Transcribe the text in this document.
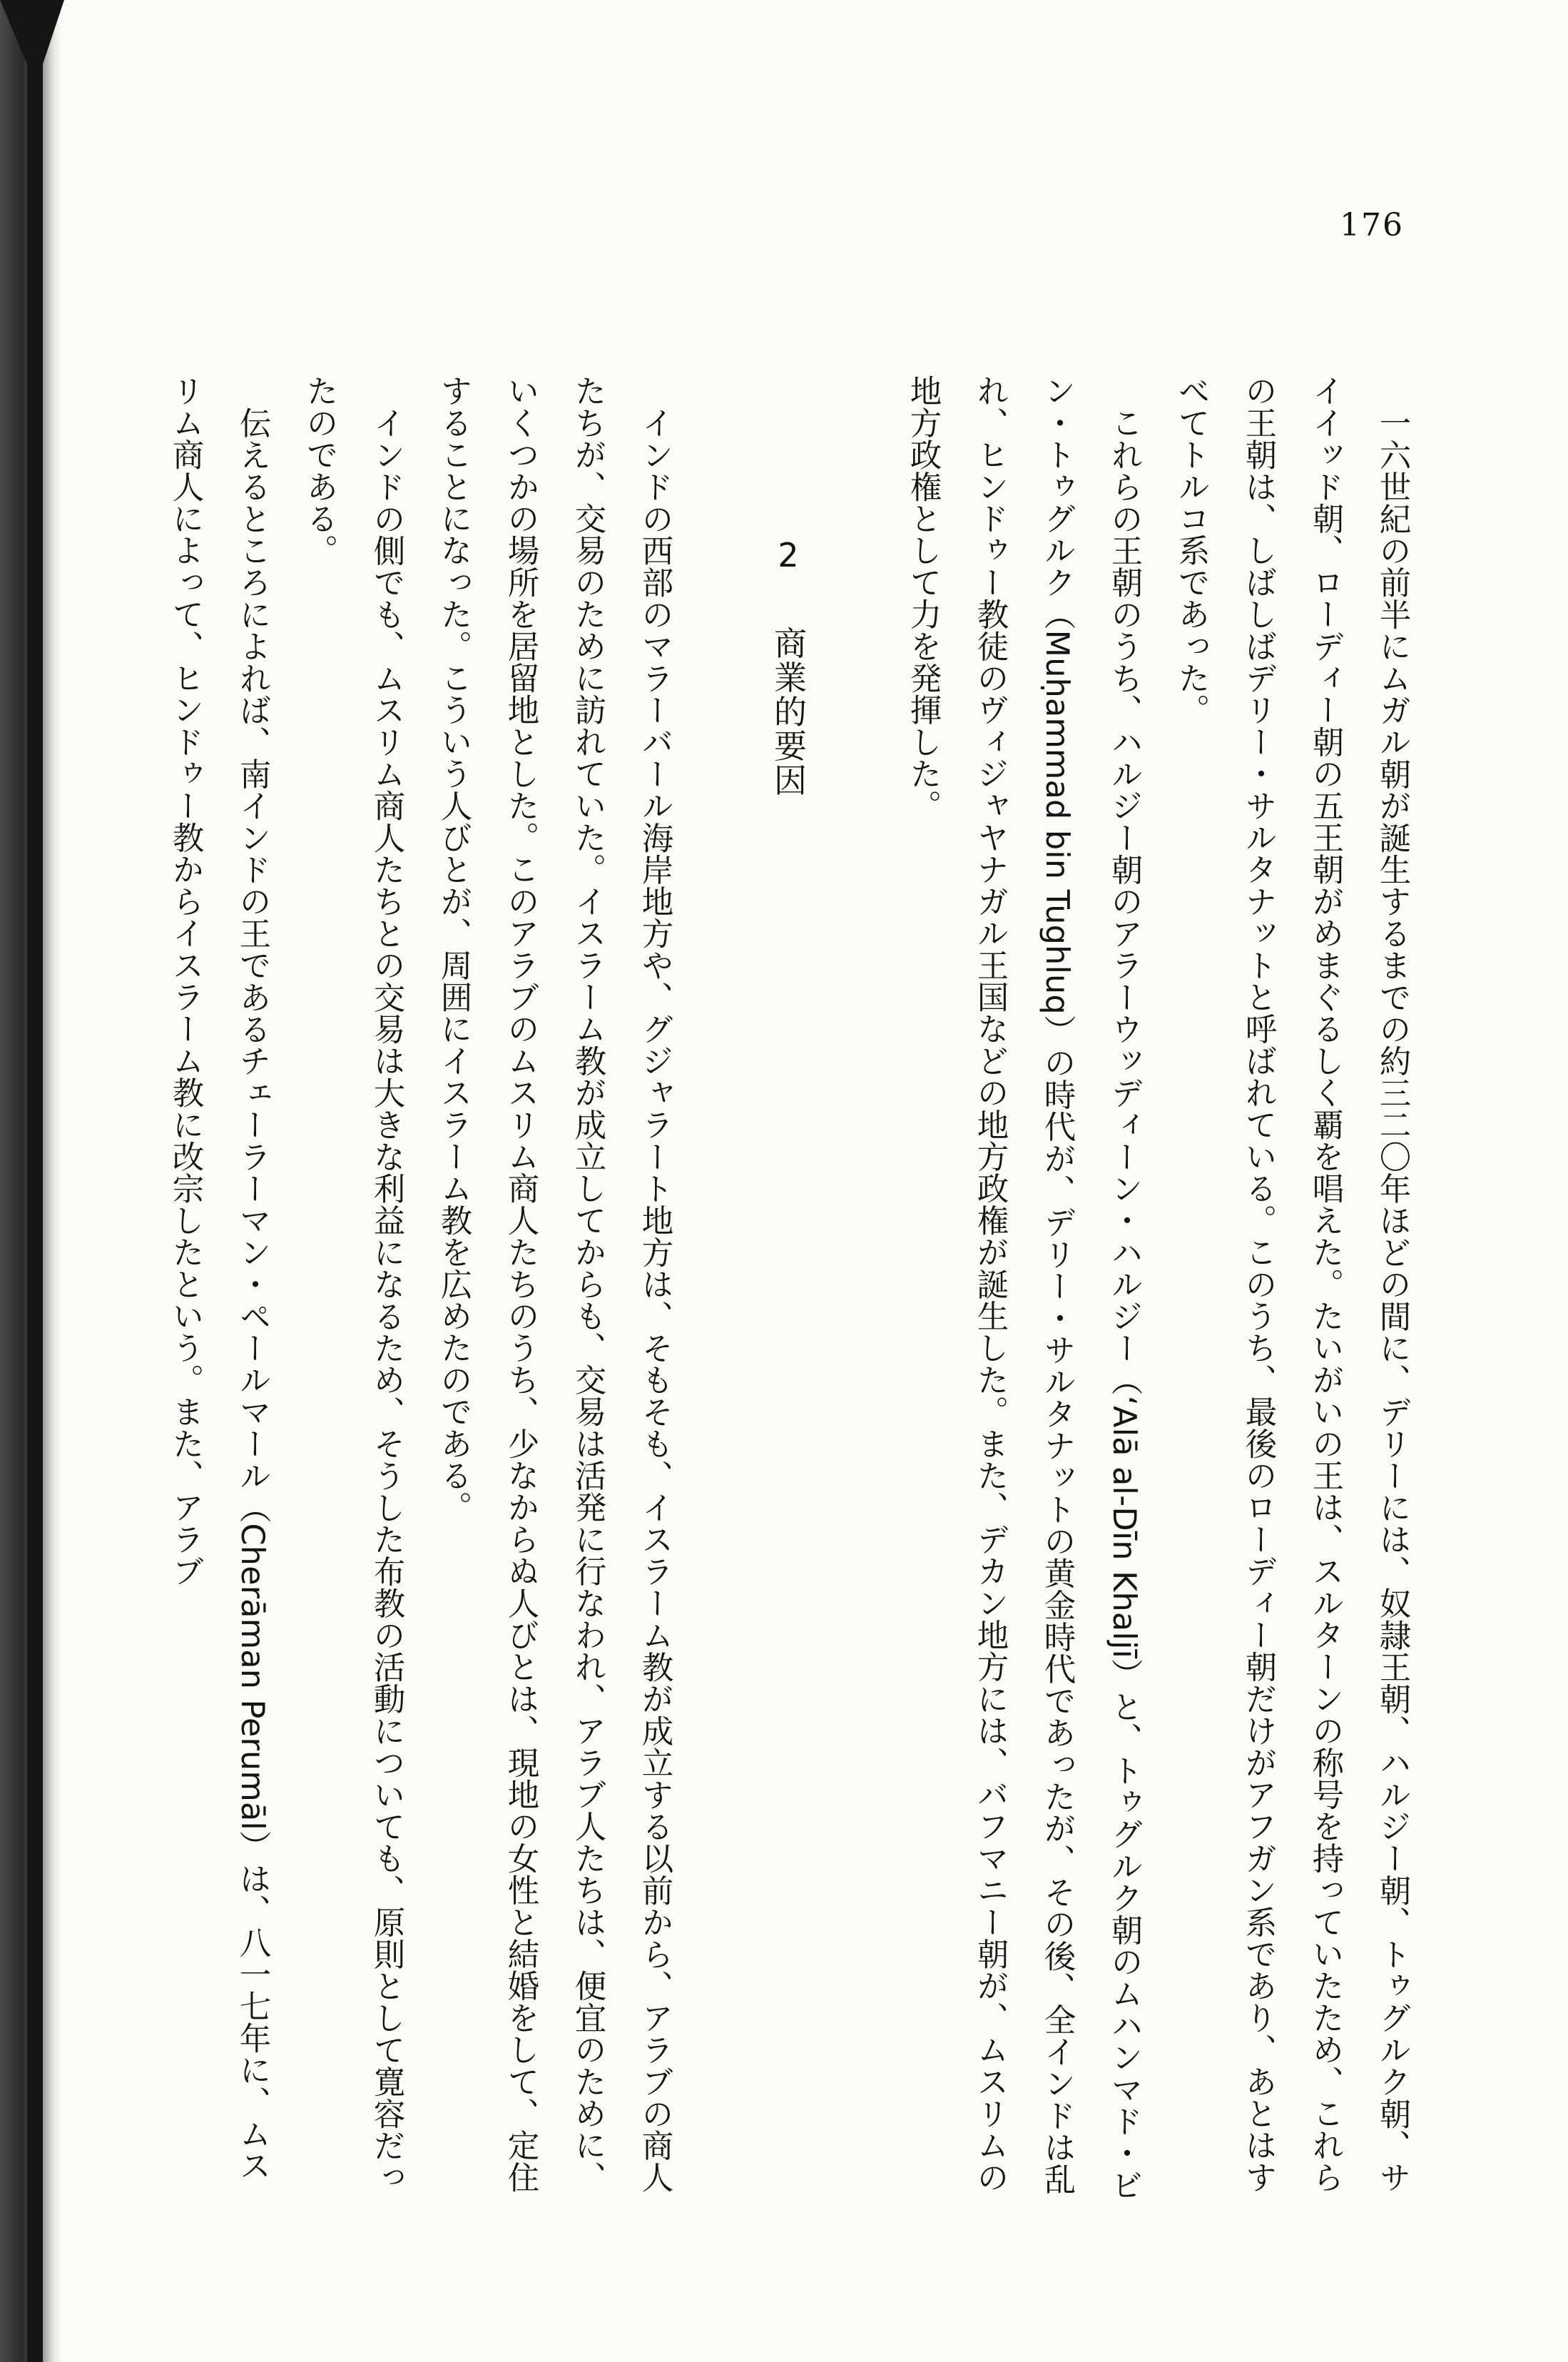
176

一六世紀の前半にムガル朝が誕生するまでの約三二〇年ほどの間に、デリーには、奴隷王朝、ハルジー朝、トゥグルク朝、サイイッド朝、ローディー朝の五王朝がめまぐるしく覇を唱えた。たいがいの王は、スルターンの称号を持っていたため、これらの王朝は、しばしばデリー・サルタナットと呼ばれている。このうち、最後のローディー朝だけがアフガン系であり、あとはすべてトルコ系であった。

これらの王朝のうち、ハルジー朝のアラーウッディーン・ハルジー（ʻAlā al-Dīn Khaljī）と、トゥグルク朝のムハンマド・ビン・トゥグルク（Muḥammad bin Tughluq）の時代が、デリー・サルタナットの黄金時代であったが、その後、全インドは乱れ、ヒンドゥー教徒のヴィジャヤナガル王国などの地方政権が誕生した。また、デカン地方には、バフマニー朝が、ムスリムの地方政権として力を発揮した。

2 商業的要因

インドの西部のマラーバール海岸地方や、グジャラート地方は、そもそも、イスラーム教が成立する以前から、アラブの商人たちが、交易のために訪れていた。イスラーム教が成立してからも、交易は活発に行なわれ、アラブ人たちは、便宜のために、いくつかの場所を居留地とした。このアラブのムスリム商人たちのうち、少なからぬ人びとは、現地の女性と結婚をして、定住することになった。こういう人びとが、周囲にイスラーム教を広めたのである。

インドの側でも、ムスリム商人たちとの交易は大きな利益になるため、そうした布教の活動についても、原則として寛容だったのである。

伝えるところによれば、南インドの王であるチェーラーマン・ペールマール（Cherāman Perumāl）は、八一七年に、ムスリム商人によって、ヒンドゥー教からイスラーム教に改宗したという。また、アラブ
